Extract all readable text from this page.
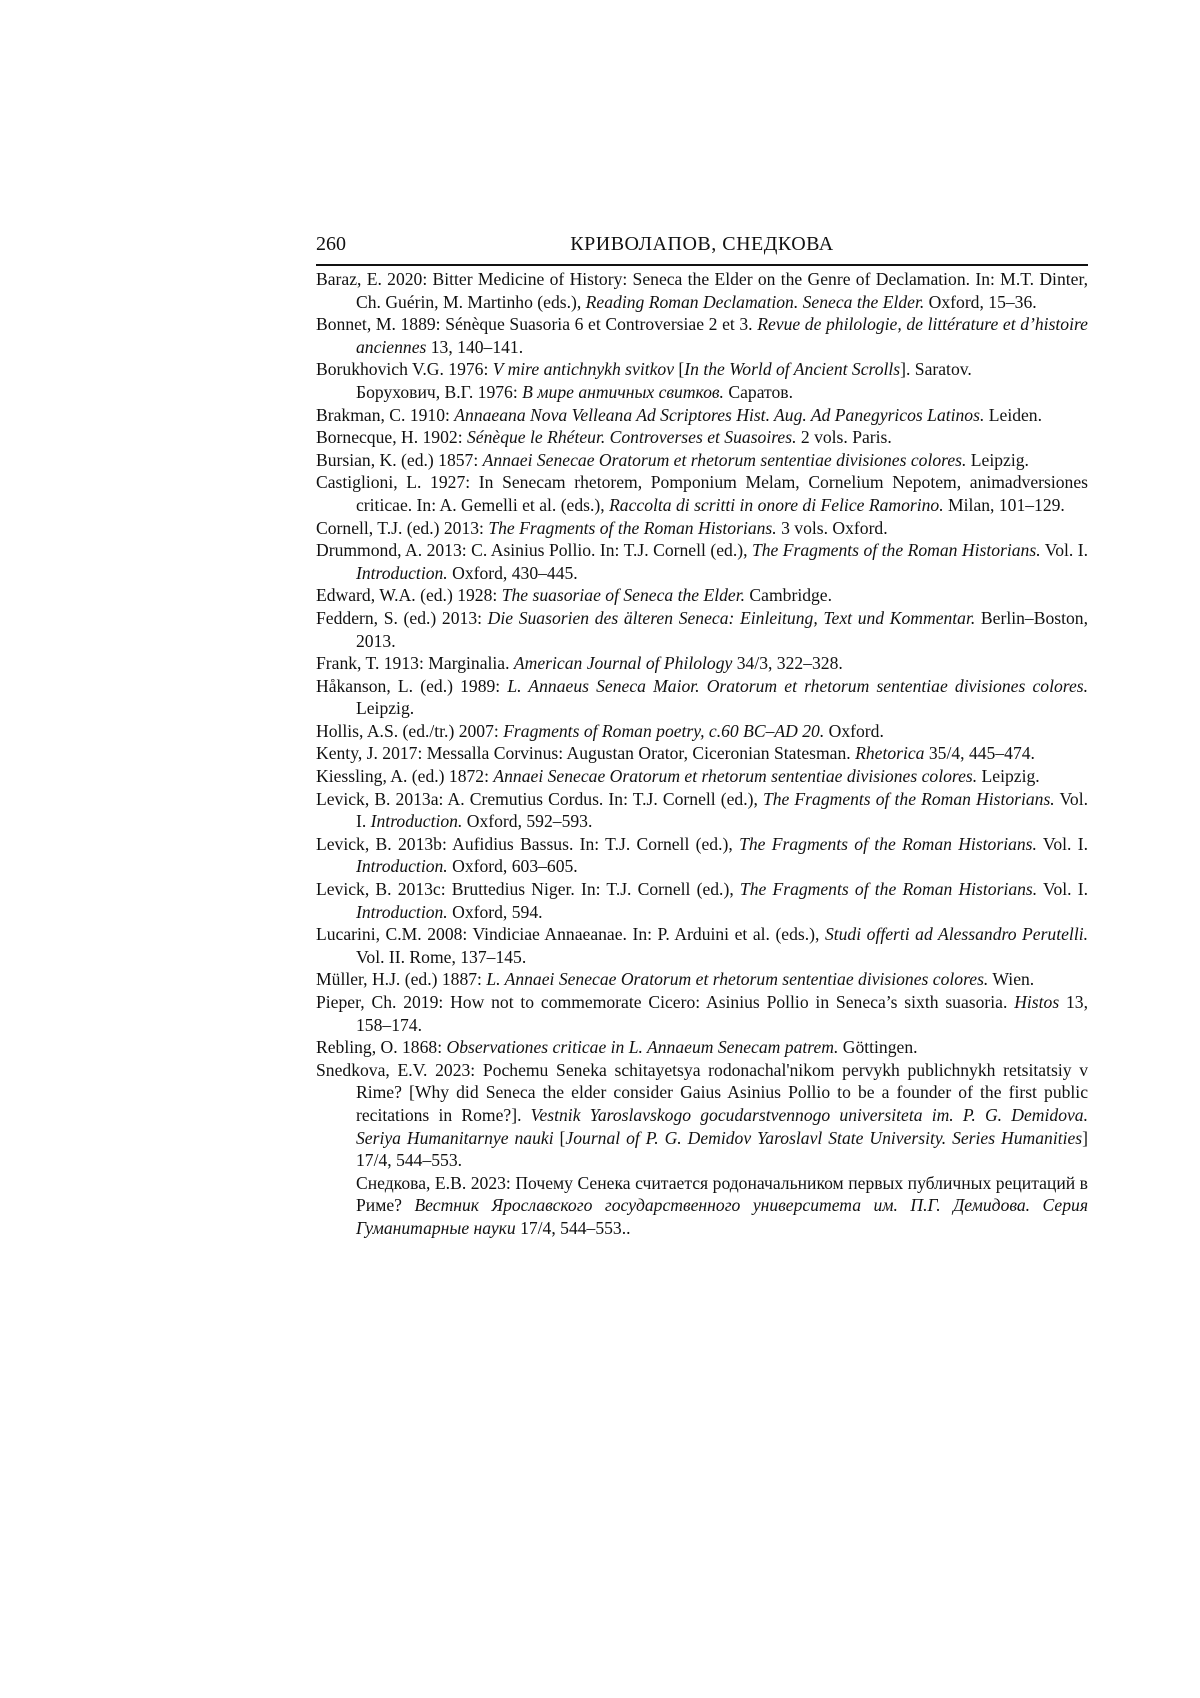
260	КРИВОЛАПОВ, СНЕДКОВА
Baraz, E. 2020: Bitter Medicine of History: Seneca the Elder on the Genre of Declamation. In: M.T. Dinter, Ch. Guérin, M. Martinho (eds.), Reading Roman Declamation. Seneca the Elder. Oxford, 15–36.
Bonnet, M. 1889: Sénèque Suasoria 6 et Controversiae 2 et 3. Revue de philologie, de littérature et d’histoire anciennes 13, 140–141.
Borukhovich V.G. 1976: V mire antichnykh svitkov [In the World of Ancient Scrolls]. Saratov.
Борухович, В.Г. 1976: В мире античных свитков. Саратов.
Brakman, C. 1910: Annaeana Nova Velleana Ad Scriptores Hist. Aug. Ad Panegyricos Latinos. Leiden.
Bornecque, H. 1902: Sénèque le Rhéteur. Controverses et Suasoires. 2 vols. Paris.
Bursian, K. (ed.) 1857: Annaei Senecae Oratorum et rhetorum sententiae divisiones colores. Leipzig.
Castiglioni, L. 1927: In Senecam rhetorem, Pomponium Melam, Cornelium Nepotem, animadversiones criticae. In: A. Gemelli et al. (eds.), Raccolta di scritti in onore di Felice Ramorino. Milan, 101–129.
Cornell, T.J. (ed.) 2013: The Fragments of the Roman Historians. 3 vols. Oxford.
Drummond, A. 2013: C. Asinius Pollio. In: T.J. Cornell (ed.), The Fragments of the Roman Historians. Vol. I. Introduction. Oxford, 430–445.
Edward, W.A. (ed.) 1928: The suasoriae of Seneca the Elder. Cambridge.
Feddern, S. (ed.) 2013: Die Suasorien des älteren Seneca: Einleitung, Text und Kommentar. Berlin–Boston, 2013.
Frank, T. 1913: Marginalia. American Journal of Philology 34/3, 322–328.
Håkanson, L. (ed.) 1989: L. Annaeus Seneca Maior. Oratorum et rhetorum sententiae divisiones colores. Leipzig.
Hollis, A.S. (ed./tr.) 2007: Fragments of Roman poetry, c.60 BC–AD 20. Oxford.
Kenty, J. 2017: Messalla Corvinus: Augustan Orator, Ciceronian Statesman. Rhetorica 35/4, 445–474.
Kiessling, A. (ed.) 1872: Annaei Senecae Oratorum et rhetorum sententiae divisiones colores. Leipzig.
Levick, B. 2013a: A. Cremutius Cordus. In: T.J. Cornell (ed.), The Fragments of the Roman Historians. Vol. I. Introduction. Oxford, 592–593.
Levick, B. 2013b: Aufidius Bassus. In: T.J. Cornell (ed.), The Fragments of the Roman Historians. Vol. I. Introduction. Oxford, 603–605.
Levick, B. 2013c: Bruttedius Niger. In: T.J. Cornell (ed.), The Fragments of the Roman Historians. Vol. I. Introduction. Oxford, 594.
Lucarini, C.M. 2008: Vindiciae Annaeanae. In: P. Arduini et al. (eds.), Studi offerti ad Alessandro Perutelli. Vol. II. Rome, 137–145.
Müller, H.J. (ed.) 1887: L. Annaei Senecae Oratorum et rhetorum sententiae divisiones colores. Wien.
Pieper, Ch. 2019: How not to commemorate Cicero: Asinius Pollio in Seneca’s sixth suasoria. Histos 13, 158–174.
Rebling, O. 1868: Observationes criticae in L. Annaeum Senecam patrem. Göttingen.
Snedkova, E.V. 2023: Pochemu Seneka schitayetsya rodonachal'nikom pervykh publichnykh retsitatsiy v Rime? [Why did Seneca the elder consider Gaius Asinius Pollio to be a founder of the first public recitations in Rome?]. Vestnik Yaroslavskogo gocudarstvennogo universiteta im. P. G. Demidova. Seriya Humanitarnye nauki [Journal of P. G. Demidov Yaroslavl State University. Series Humanities] 17/4, 544–553.
Снедкова, Е.В. 2023: Почему Сенека считается родоначальником первых публичных рецитаций в Риме? Вестник Ярославского государственного университета им. П.Г. Демидова. Серия Гуманитарные науки 17/4, 544–553..
